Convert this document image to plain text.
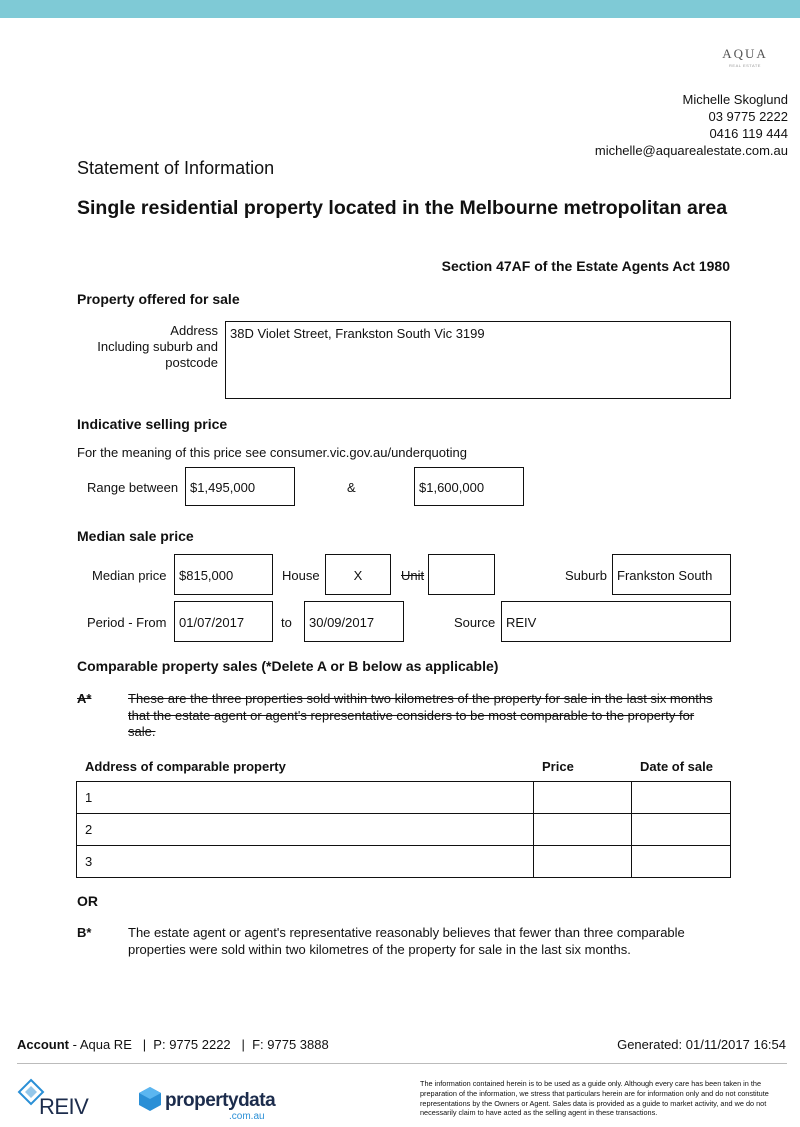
AQUA
REAL ESTATE
Michelle Skoglund
03 9775 2222
0416 119 444
michelle@aquarealestate.com.au
Statement of Information
Single residential property located in the Melbourne metropolitan area
Section 47AF of the Estate Agents Act 1980
Property offered for sale
Address
Including suburb and
postcode
38D Violet Street, Frankston South Vic 3199
Indicative selling price
For the meaning of this price see consumer.vic.gov.au/underquoting
Range between $1,495,000	&	$1,600,000
Median sale price
Median price $815,000	House	X	Unit	Suburb Frankston South
Period - From 01/07/2017	to	30/09/2017	Source REIV
Comparable property sales (*Delete A or B below as applicable)
A*	These are the three properties sold within two kilometres of the property for sale in the last six months that the estate agent or agent's representative considers to be most comparable to the property for sale.
Address of comparable property	Price	Date of sale
1		
2		
3		
OR
B*	The estate agent or agent's representative reasonably believes that fewer than three comparable properties were sold within two kilometres of the property for sale in the last six months.
Account - Aqua RE   |  P: 9775 2222   |  F: 9775 3888	Generated: 01/11/2017 16:54
REIV	propertydata
.com.au
The information contained herein is to be used as a guide only. Although every care has been taken in the preparation of the information, we stress that particulars herein are for information only and do not constitute representations by the Owners or Agent. Sales data is provided as a guide to market activity, and we do not necessarily claim to have acted as the selling agent in these transactions.
